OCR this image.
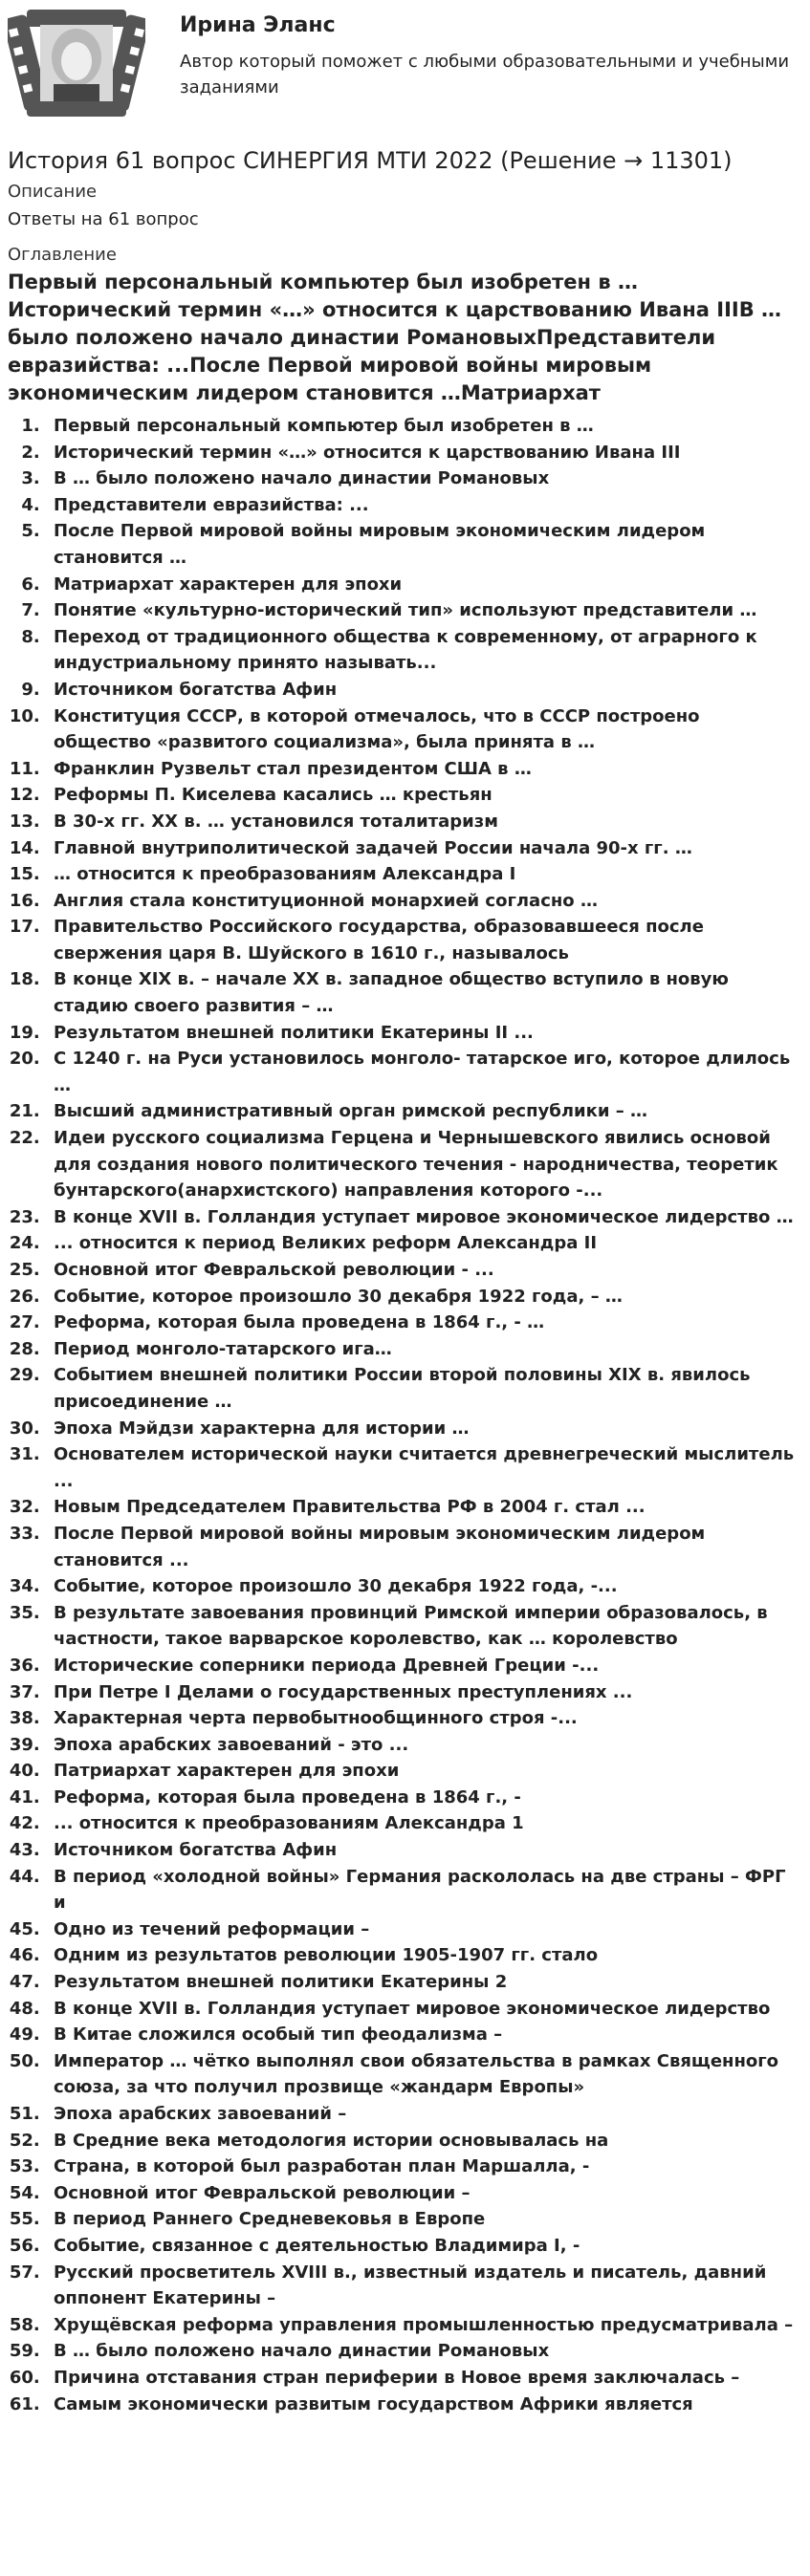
Ирина Эланс
Автор который поможет с любыми образовательными и учебными заданиями
История 61 вопрос СИНЕРГИЯ МТИ 2022 (Решение → 11301)
Описание
Ответы на 61 вопрос
Оглавление
Первый персональный компьютер был изобретен в …Исторический термин «…» относится к царствованию Ивана IIIВ … было положено начало династии РомановыхПредставители евразийства: ...После Первой мировой войны мировым экономическим лидером становится …Матриархат
1. Первый персональный компьютер был изобретен в …
2. Исторический термин «…» относится к царствованию Ивана III
3. В … было положено начало династии Романовых
4. Представители евразийства: ...
5. После Первой мировой войны мировым экономическим лидером становится …
6. Матриархат характерен для эпохи
7. Понятие «культурно-исторический тип» используют представители …
8. Переход от традиционного общества к современному, от аграрного к индустриальному принято называть...
9. Источником богатства Афин
10. Конституция СССР, в которой отмечалось, что в СССР построено общество «развитого социализма», была принята в …
11. Франклин Рузвельт стал президентом США в …
12. Реформы П. Киселева касались … крестьян
13. В 30-х гг. XX в. … установился тоталитаризм
14. Главной внутриполитической задачей России начала 90-х гг. …
15. … относится к преобразованиям Александра I
16. Англия стала конституционной монархией согласно …
17. Правительство Российского государства, образовавшееся после свержения царя В. Шуйского в 1610 г., называлось
18. В конце XIX в. – начале XX в. западное общество вступило в новую стадию своего развития – …
19. Результатом внешней политики Екатерины II ...
20. С 1240 г. на Руси установилось монголо- татарское иго, которое длилось …
21. Высший административный орган римской республики – …
22. Идеи русского социализма Герцена и Чернышевского явились основой для создания нового политического течения - народничества, теоретик бунтарского(анархистского) направления которого -...
23. В конце XVII в. Голландия уступает мировое экономическое лидерство …
24. ... относится к период Великих реформ Александра II
25. Основной итог Февральской революции - ...
26. Событие, которое произошло 30 декабря 1922 года, – …
27. Реформа, которая была проведена в 1864 г., - …
28. Период монголо-татарского ига…
29. Событием внешней политики России второй половины XIX в. явилось присоединение …
30. Эпоха Мэйдзи характерна для истории …
31. Основателем исторической науки считается древнегреческий мыслитель ...
32. Новым Председателем Правительства РФ в 2004 г. стал ...
33. После Первой мировой войны мировым экономическим лидером становится ...
34. Событие, которое произошло 30 декабря 1922 года, -...
35. В результате завоевания провинций Римской империи образовалось, в частности, такое варварское королевство, как … королевство
36. Исторические соперники периода Древней Греции -...
37. При Петре I Делами о государственных преступлениях ...
38. Характерная черта первобытнообщинного строя -...
39. Эпоха арабских завоеваний - это ...
40. Патриархат характерен для эпохи
41. Реформа, которая была проведена в 1864 г., -
42. ... относится к преобразованиям Александра 1
43. Источником богатства Афин
44. В период «холодной войны» Германия раскололась на две страны – ФРГ и
45. Одно из течений реформации –
46. Одним из результатов революции 1905-1907 гг. стало
47. Результатом внешней политики Екатерины 2
48. В конце XVII в. Голландия уступает мировое экономическое лидерство
49. В Китае сложился особый тип феодализма –
50. Император … чётко выполнял свои обязательства в рамках Священного союза, за что получил прозвище «жандарм Европы»
51. Эпоха арабских завоеваний –
52. В Средние века методология истории основывалась на
53. Страна, в которой был разработан план Маршалла, -
54. Основной итог Февральской революции –
55. В период Раннего Средневековья в Европе
56. Событие, связанное с деятельностью Владимира I, -
57. Русский просветитель XVIII в., известный издатель и писатель, давний оппонент Екатерины –
58. Хрущёвская реформа управления промышленностью предусматривала –
59. В … было положено начало династии Романовых
60. Причина отставания стран периферии в Новое время заключалась –
61. Самым экономически развитым государством Африки является
